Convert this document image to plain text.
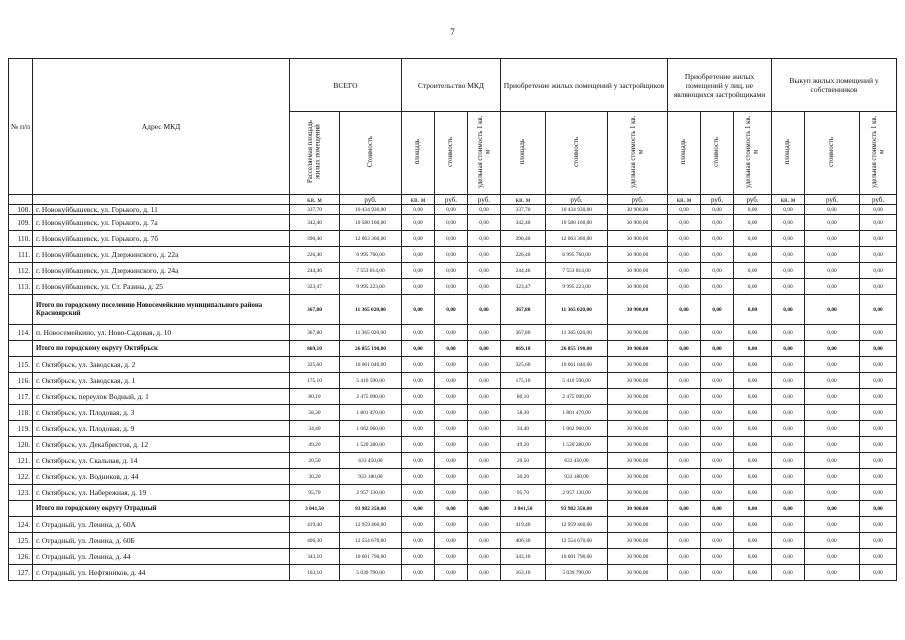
7
№ п/п	Адрес МКД	ВСЕГО		Строительство МКД			Приобретение жилых помещений у застройщиков			Приобретение жилых помещений у лиц, не являющихся застройщиками			Выкуп жилых помещений у собственников		
		Расселяемая площадь жилых помещений	Стоимость	площадь	стоимость	удельная стоимость 1 кв. м	площадь	стоимость	удельная стоимость 1 кв. м	площадь	стоимость	удельная стоимость 1 кв. м	площадь	стоимость	удельная стоимость 1 кв. м
		кв. м	руб.	кв. м	руб.	руб.	кв. м	руб.	руб.	кв. м	руб.	руб.	кв. м	руб.	руб.
108.	г. Новокуйбышевск, ул. Горького, д. 11	337,70	10 434 930,00	0,00	0,00	0,00	337,70	10 434 930,00	30 900,00	0,00	0,00	0,00	0,00	0,00	0,00
109.	г. Новокуйбышевск, ул. Горького, д. 7а	342,40	10 580 160,00	0,00	0,00	0,00	342,40	10 580 160,00	30 900,00	0,00	0,00	0,00	0,00	0,00	0,00
110.	г. Новокуйбышевск, ул. Горького, д. 7б	390,40	12 063 360,00	0,00	0,00	0,00	390,40	12 063 360,00	30 900,00	0,00	0,00	0,00	0,00	0,00	0,00
111.	г. Новокуйбышевск, ул. Дзержинского, д. 22а	226,40	6 995 760,00	0,00	0,00	0,00	226,40	6 995 760,00	30 900,00	0,00	0,00	0,00	0,00	0,00	0,00
112.	г. Новокуйбышевск, ул. Дзержинского, д. 24а	244,46	7 553 814,00	0,00	0,00	0,00	244,46	7 553 814,00	30 900,00	0,00	0,00	0,00	0,00	0,00	0,00
113.	г. Новокуйбышевск, ул. Ст. Разина, д. 25	323,47	9 995 223,00	0,00	0,00	0,00	323,47	9 995 223,00	30 900,00	0,00	0,00	0,00	0,00	0,00	0,00
	Итого по городскому поселению Новосемейкино муниципального района Красноярский	367,80	11 365 020,00	0,00	0,00	0,00	367,80	11 365 020,00	30 900,00	0,00	0,00	0,00	0,00	0,00	0,00
114.	п. Новосемейкино, ул. Ново-Садовая, д. 10	367,80	11 365 020,00	0,00	0,00	0,00	367,80	11 365 020,00	30 900,00	0,00	0,00	0,00	0,00	0,00	0,00
	Итого по городскому округу Октябрьск	869,10	26 855 190,00	0,00	0,00	0,00	869,10	26 855 190,00	30 900,00	0,00	0,00	0,00	0,00	0,00	0,00
115.	г. Октябрьск, ул. Заводская, д. 2	325,60	10 061 040,00	0,00	0,00	0,00	325,60	10 061 040,00	30 900,00	0,00	0,00	0,00	0,00	0,00	0,00
116.	г. Октябрьск, ул. Заводская, д. 1	175,10	5 410 590,00	0,00	0,00	0,00	175,10	5 410 590,00	30 900,00	0,00	0,00	0,00	0,00	0,00	0,00
117.	г. Октябрьск, переулок Водный, д. 1	80,10	2 475 090,00	0,00	0,00	0,00	80,10	2 475 090,00	30 900,00	0,00	0,00	0,00	0,00	0,00	0,00
118.	г. Октябрьск, ул. Плодовая, д. 3	58,30	1 801 470,00	0,00	0,00	0,00	58,30	1 801 470,00	30 900,00	0,00	0,00	0,00	0,00	0,00	0,00
119.	г. Октябрьск, ул. Плодовая, д. 9	34,40	1 062 960,00	0,00	0,00	0,00	34,40	1 062 960,00	30 900,00	0,00	0,00	0,00	0,00	0,00	0,00
120.	г. Октябрьск, ул. Декабристов, д. 12	49,20	1 520 280,00	0,00	0,00	0,00	49,20	1 520 280,00	30 900,00	0,00	0,00	0,00	0,00	0,00	0,00
121.	г. Октябрьск, ул. Скальная, д. 14	20,50	633 450,00	0,00	0,00	0,00	20,50	633 450,00	30 900,00	0,00	0,00	0,00	0,00	0,00	0,00
122.	г. Октябрьск, ул. Водников, д. 44	30,20	933 180,00	0,00	0,00	0,00	30,20	933 180,00	30 900,00	0,00	0,00	0,00	0,00	0,00	0,00
123.	г. Октябрьск, ул. Набережная, д. 19	95,70	2 957 130,00	0,00	0,00	0,00	95,70	2 957 130,00	30 900,00	0,00	0,00	0,00	0,00	0,00	0,00
	Итого по городскому округу Отрадный	3 041,50	93 982 350,00	0,00	0,00	0,00	3 041,50	93 982 350,00	30 900,00	0,00	0,00	0,00	0,00	0,00	0,00
124.	г. Отрадный, ул. Ленина, д. 60А	419,40	12 959 460,00	0,00	0,00	0,00	419,40	12 959 460,00	30 900,00	0,00	0,00	0,00	0,00	0,00	0,00
125.	г. Отрадный, ул. Ленина, д. 60Б	406,30	12 554 670,00	0,00	0,00	0,00	406,30	12 554 670,00	30 900,00	0,00	0,00	0,00	0,00	0,00	0,00
126.	г. Отрадный, ул. Ленина, д. 44	343,10	10 601 790,00	0,00	0,00	0,00	343,10	10 601 790,00	30 900,00	0,00	0,00	0,00	0,00	0,00	0,00
127.	г. Отрадный, ул. Нефтяников, д. 44	163,10	5 039 790,00	0,00	0,00	0,00	163,10	5 039 790,00	30 900,00	0,00	0,00	0,00	0,00	0,00	0,00
